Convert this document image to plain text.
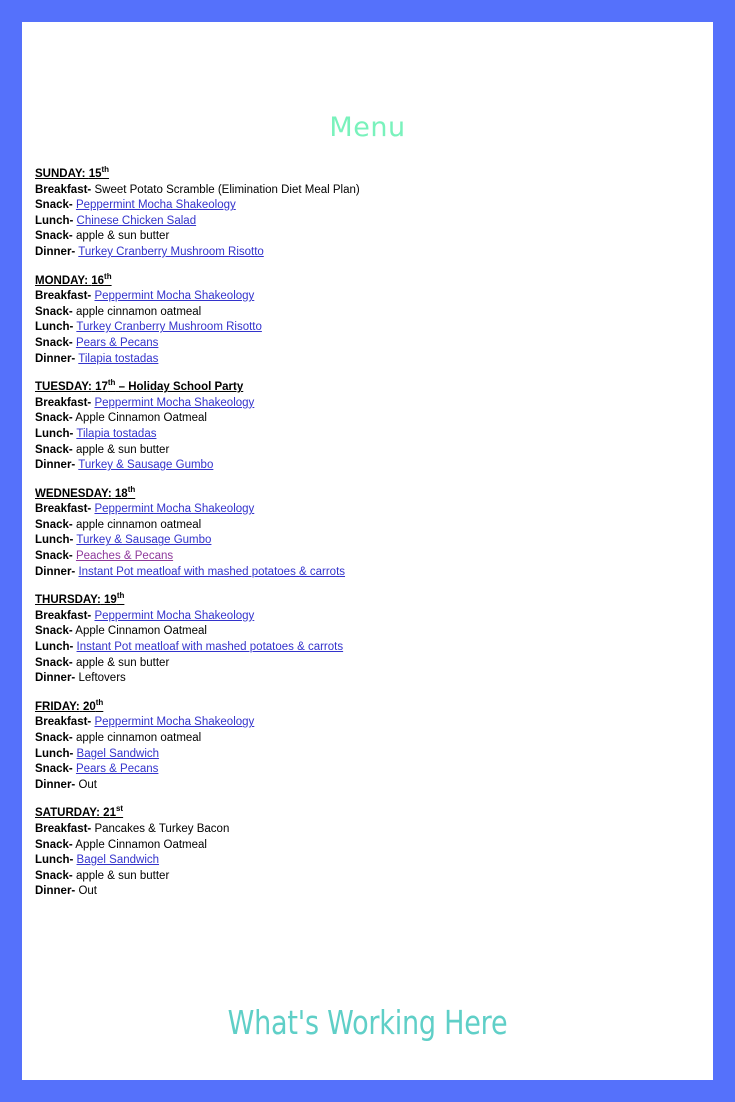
Menu
SUNDAY: 15th
Breakfast- Sweet Potato Scramble (Elimination Diet Meal Plan)
Snack- Peppermint Mocha Shakeology
Lunch- Chinese Chicken Salad
Snack- apple & sun butter
Dinner- Turkey Cranberry Mushroom Risotto
MONDAY: 16th
Breakfast- Peppermint Mocha Shakeology
Snack- apple cinnamon oatmeal
Lunch- Turkey Cranberry Mushroom Risotto
Snack- Pears & Pecans
Dinner- Tilapia tostadas
TUESDAY: 17th – Holiday School Party
Breakfast- Peppermint Mocha Shakeology
Snack- Apple Cinnamon Oatmeal
Lunch- Tilapia tostadas
Snack- apple & sun butter
Dinner- Turkey & Sausage Gumbo
WEDNESDAY: 18th
Breakfast- Peppermint Mocha Shakeology
Snack- apple cinnamon oatmeal
Lunch- Turkey & Sausage Gumbo
Snack- Peaches & Pecans
Dinner- Instant Pot meatloaf with mashed potatoes & carrots
THURSDAY: 19th
Breakfast- Peppermint Mocha Shakeology
Snack- Apple Cinnamon Oatmeal
Lunch- Instant Pot meatloaf with mashed potatoes & carrots
Snack- apple & sun butter
Dinner- Leftovers
FRIDAY: 20th
Breakfast- Peppermint Mocha Shakeology
Snack- apple cinnamon oatmeal
Lunch- Bagel Sandwich
Snack- Pears & Pecans
Dinner- Out
SATURDAY: 21st
Breakfast- Pancakes & Turkey Bacon
Snack- Apple Cinnamon Oatmeal
Lunch- Bagel Sandwich
Snack- apple & sun butter
Dinner- Out
What's Working Here
